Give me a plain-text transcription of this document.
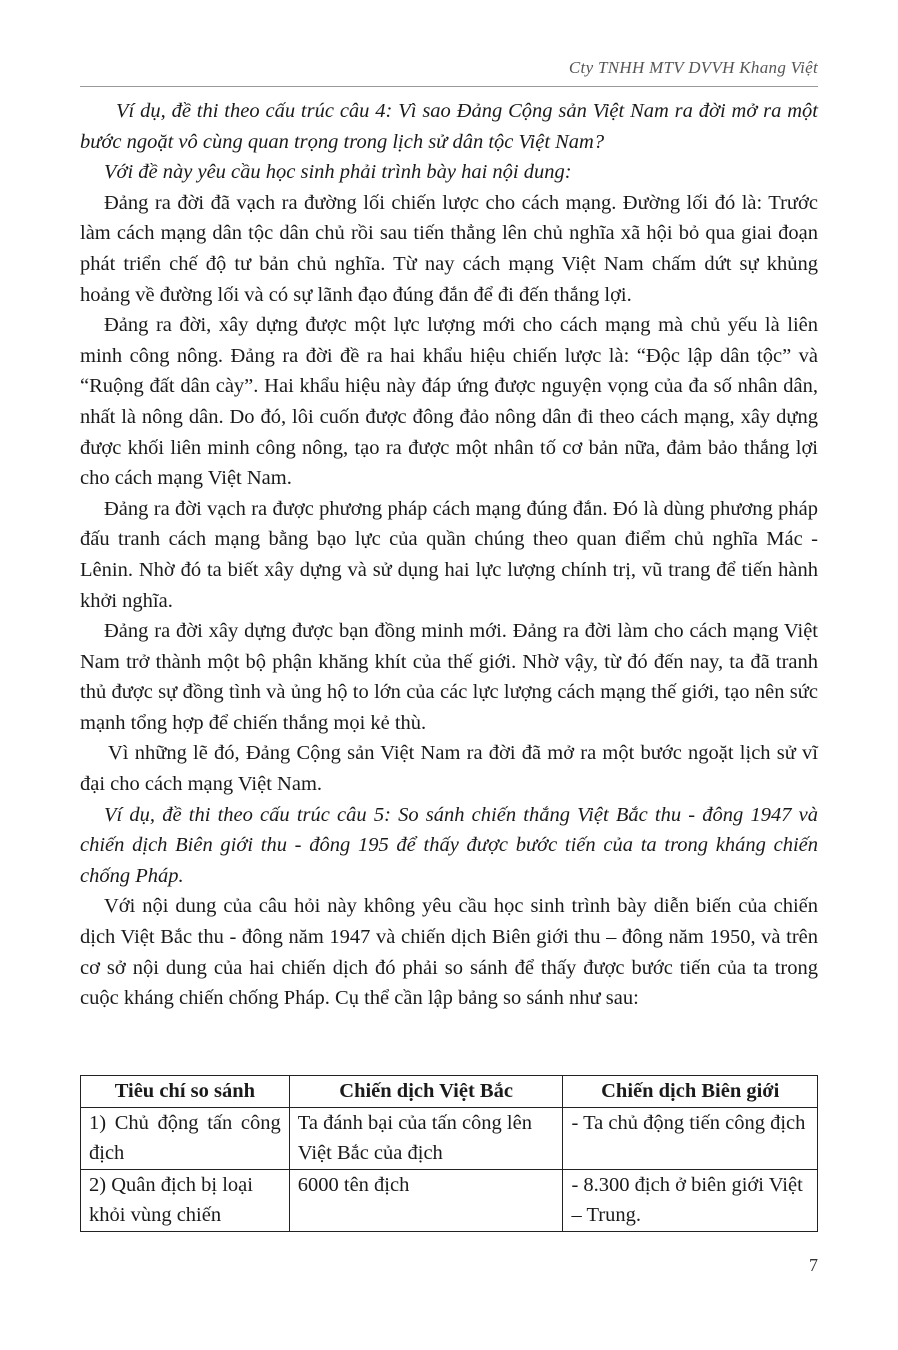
Cty TNHH MTV DVVH Khang Việt

Ví dụ, đề thi theo cấu trúc câu 4: Vì sao Đảng Cộng sản Việt Nam ra đời mở ra một bước ngoặt vô cùng quan trọng trong lịch sử dân tộc Việt Nam?

Với đề này yêu cầu học sinh phải trình bày hai nội dung:

Đảng ra đời đã vạch ra đường lối chiến lược cho cách mạng. Đường lối đó là: Trước làm cách mạng dân tộc dân chủ rồi sau tiến thẳng lên chủ nghĩa xã hội bỏ qua giai đoạn phát triển chế độ tư bản chủ nghĩa. Từ nay cách mạng Việt Nam chấm dứt sự khủng hoảng về đường lối và có sự lãnh đạo đúng đắn để đi đến thắng lợi.

Đảng ra đời, xây dựng được một lực lượng mới cho cách mạng mà chủ yếu là liên minh công nông. Đảng ra đời đề ra hai khẩu hiệu chiến lược là: “Độc lập dân tộc” và “Ruộng đất dân cày”. Hai khẩu hiệu này đáp ứng được nguyện vọng của đa số nhân dân, nhất là nông dân. Do đó, lôi cuốn được đông đảo nông dân đi theo cách mạng, xây dựng được khối liên minh công nông, tạo ra được một nhân tố cơ bản nữa, đảm bảo thắng lợi cho cách mạng Việt Nam.

Đảng ra đời vạch ra được phương pháp cách mạng đúng đắn. Đó là dùng phương pháp đấu tranh cách mạng bằng bạo lực của quần chúng theo quan điểm chủ nghĩa Mác - Lênin. Nhờ đó ta biết xây dựng và sử dụng hai lực lượng chính trị, vũ trang để tiến hành khởi nghĩa.

Đảng ra đời xây dựng được bạn đồng minh mới. Đảng ra đời làm cho cách mạng Việt Nam trở thành một bộ phận khăng khít của thế giới. Nhờ vậy, từ đó đến nay, ta đã tranh thủ được sự đồng tình và ủng hộ to lớn của các lực lượng cách mạng thế giới, tạo nên sức mạnh tổng hợp để chiến thắng mọi kẻ thù.

Vì những lẽ đó, Đảng Cộng sản Việt Nam ra đời đã mở ra một bước ngoặt lịch sử vĩ đại cho cách mạng Việt Nam.

Ví dụ, đề thi theo cấu trúc câu 5: So sánh chiến thắng Việt Bắc thu - đông 1947 và chiến dịch Biên giới thu - đông 195 để thấy được bước tiến của ta trong kháng chiến chống Pháp.

Với nội dung của câu hỏi này không yêu cầu học sinh trình bày diễn biến của chiến dịch Việt Bắc thu - đông năm 1947 và chiến dịch Biên giới thu – đông năm 1950, và trên cơ sở nội dung của hai chiến dịch đó phải so sánh để thấy được bước tiến của ta trong cuộc kháng chiến chống Pháp. Cụ thể cần lập bảng so sánh như sau:

Tiêu chí so sánh	Chiến dịch Việt Bắc	Chiến dịch Biên giới
1) Chủ động tấn công địch	Ta đánh bại của tấn công lên Việt Bắc của địch	- Ta chủ động tiến công địch
2) Quân địch bị loại khỏi vùng chiến	6000 tên địch	- 8.300 địch ở biên giới Việt – Trung.
7
